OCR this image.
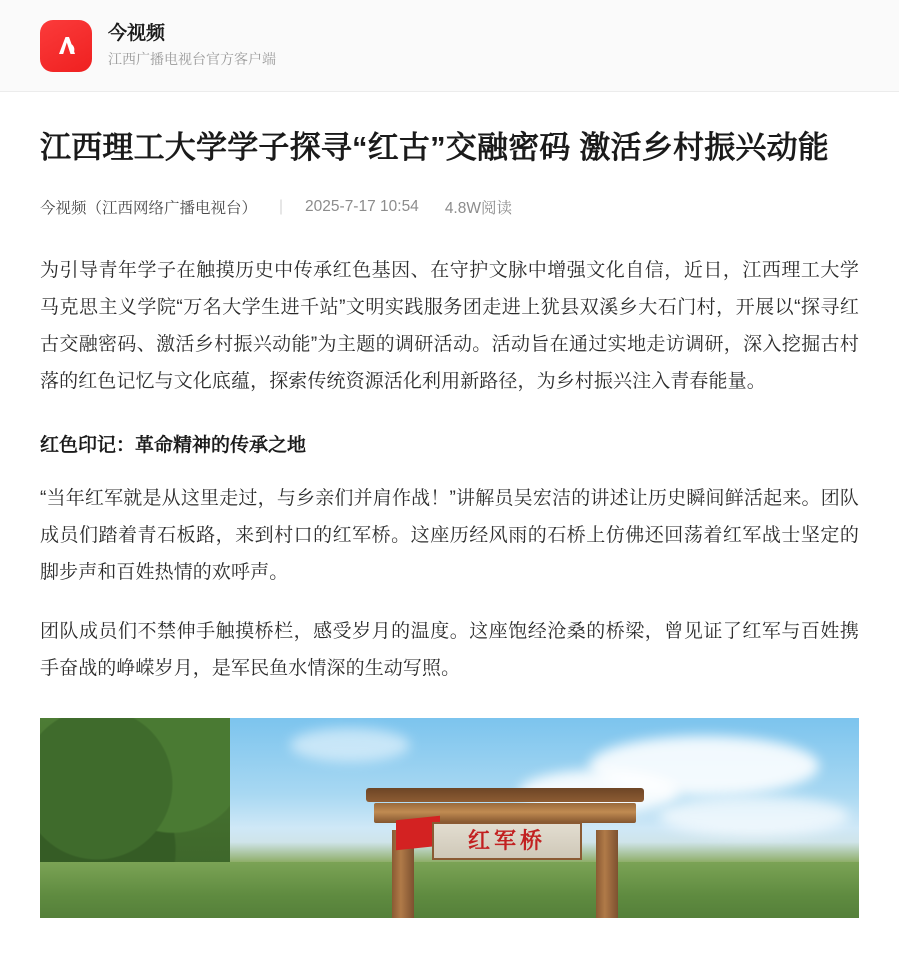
今视频
江西广播电视台官方客户端
江西理工大学学子探寻“红古”交融密码 激活乡村振兴动能
今视频（江西网络广播电视台） | 2025-7-17 10:54 4.8W阅读

为引导青年学子在触摸历史中传承红色基因、在守护文脉中增强文化自信，近日，江西理工大学马克思主义学院“万名大学生进千站”文明实践服务团走进上犹县双溪乡大石门村，开展以“探寻红古交融密码、激活乡村振兴动能”为主题的调研活动。活动旨在通过实地走访调研，深入挖掘古村落的红色记忆与文化底蕴，探索传统资源活化利用新路径，为乡村振兴注入青春能量。

红色印记：革命精神的传承之地

“当年红军就是从这里走过，与乡亲们并肩作战！”讲解员吴宏洁的讲述让历史瞬间鲜活起来。团队成员们踏着青石板路，来到村口的红军桥。这座历经风雨的石桥上仿佛还回荡着红军战士坚定的脚步声和百姓热情的欢呼声。

团队成员们不禁伸手触摸桥栏，感受岁月的温度。这座饱经沧桑的桥梁，曾见证了红军与百姓携手奋战的峥嵘岁月，是军民鱼水情深的生动写照。

红军桥
